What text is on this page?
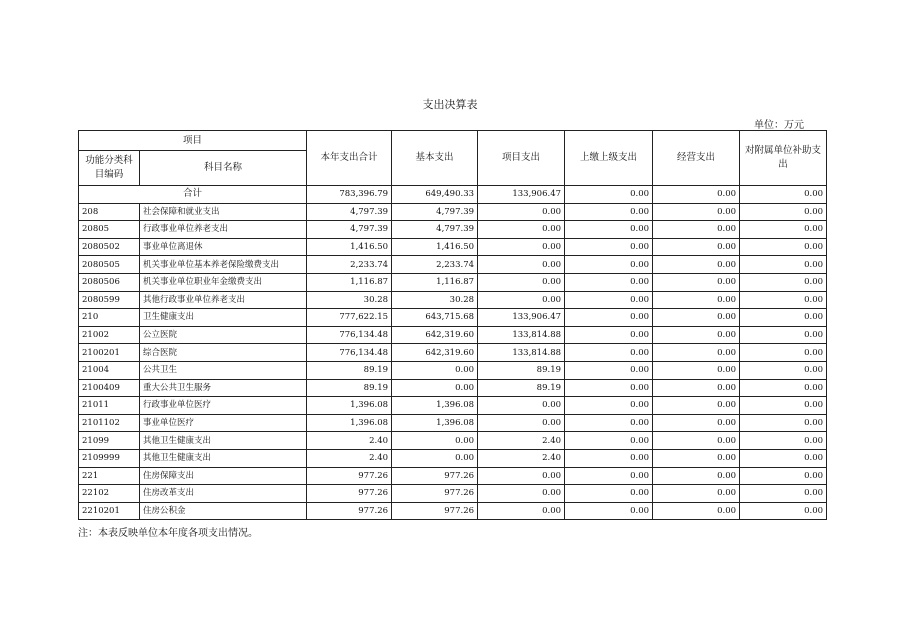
支出决算表
单位：万元
项目		本年支出合计	基本支出	项目支出	上缴上级支出	经营支出	对附属单位补助支出
功能分类科目编码	科目名称						
合计		783,396.79	649,490.33	133,906.47	0.00	0.00	0.00
208	社会保障和就业支出	4,797.39	4,797.39	0.00	0.00	0.00	0.00
20805	行政事业单位养老支出	4,797.39	4,797.39	0.00	0.00	0.00	0.00
2080502	事业单位离退休	1,416.50	1,416.50	0.00	0.00	0.00	0.00
2080505	机关事业单位基本养老保险缴费支出	2,233.74	2,233.74	0.00	0.00	0.00	0.00
2080506	机关事业单位职业年金缴费支出	1,116.87	1,116.87	0.00	0.00	0.00	0.00
2080599	其他行政事业单位养老支出	30.28	30.28	0.00	0.00	0.00	0.00
210	卫生健康支出	777,622.15	643,715.68	133,906.47	0.00	0.00	0.00
21002	公立医院	776,134.48	642,319.60	133,814.88	0.00	0.00	0.00
2100201	综合医院	776,134.48	642,319.60	133,814.88	0.00	0.00	0.00
21004	公共卫生	89.19	0.00	89.19	0.00	0.00	0.00
2100409	重大公共卫生服务	89.19	0.00	89.19	0.00	0.00	0.00
21011	行政事业单位医疗	1,396.08	1,396.08	0.00	0.00	0.00	0.00
2101102	事业单位医疗	1,396.08	1,396.08	0.00	0.00	0.00	0.00
21099	其他卫生健康支出	2.40	0.00	2.40	0.00	0.00	0.00
2109999	其他卫生健康支出	2.40	0.00	2.40	0.00	0.00	0.00
221	住房保障支出	977.26	977.26	0.00	0.00	0.00	0.00
22102	住房改革支出	977.26	977.26	0.00	0.00	0.00	0.00
2210201	住房公积金	977.26	977.26	0.00	0.00	0.00	0.00
注：本表反映单位本年度各项支出情况。
